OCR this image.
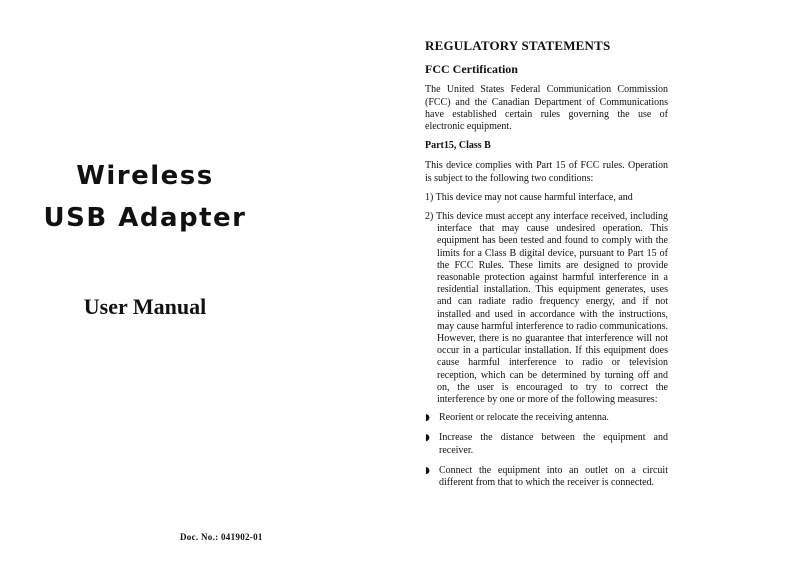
Wireless
USB Adapter
User Manual
Doc. No.: 041902-01
REGULATORY STATEMENTS
FCC Certification
The United States Federal Communication Commission (FCC) and the Canadian Department of Communications have established certain rules governing the use of electronic equipment.
Part15, Class B
This device complies with Part 15 of FCC rules. Operation is subject to the following two conditions:
1) This device may not cause harmful interface, and
2) This device must accept any interface received, including interface that may cause undesired operation. This equipment has been tested and found to comply with the limits for a Class B digital device, pursuant to Part 15 of the FCC Rules. These limits are designed to provide reasonable protection against harmful interference in a residential installation. This equipment generates, uses and can radiate radio frequency energy, and if not installed and used in accordance with the instructions, may cause harmful interference to radio communications. However, there is no guarantee that interference will not occur in a particular installation. If this equipment does cause harmful interference to radio or television reception, which can be determined by turning off and on, the user is encouraged to try to correct the interference by one or more of the following measures:
◗ Reorient or relocate the receiving antenna.
◗ Increase the distance between the equipment and receiver.
◗ Connect the equipment into an outlet on a circuit different from that to which the receiver is connected.
